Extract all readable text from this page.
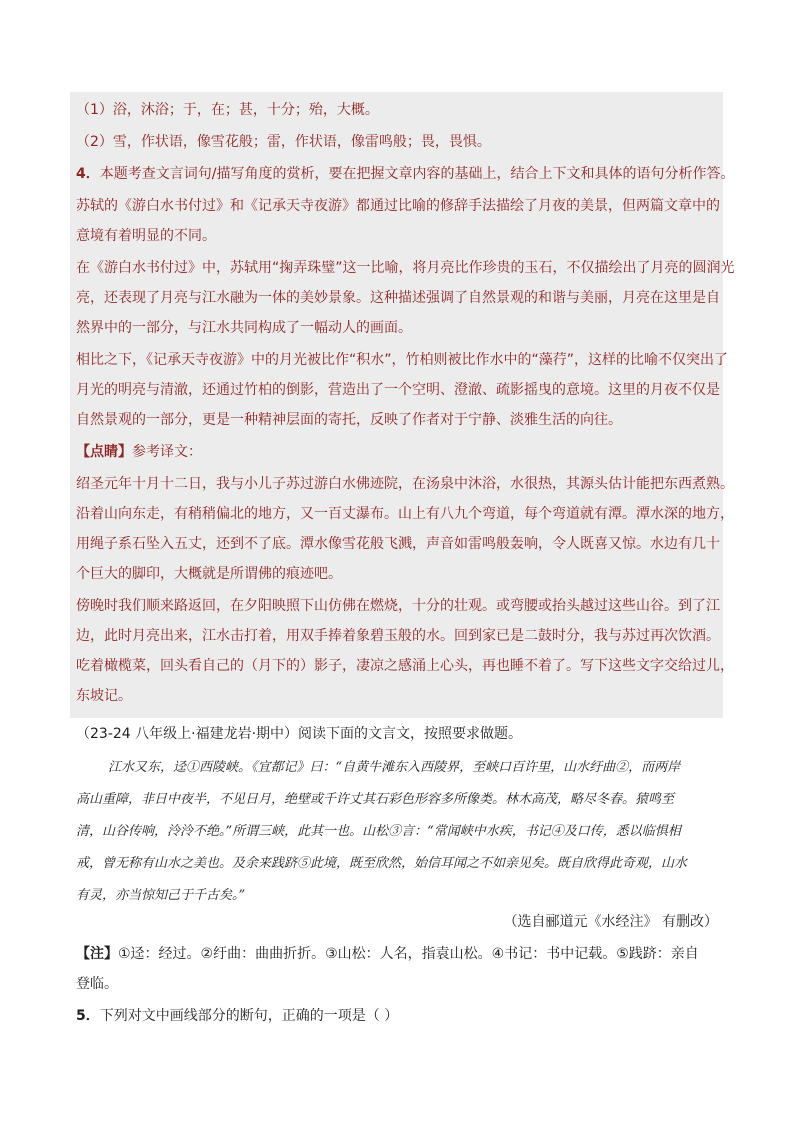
（1）浴，沐浴；于，在；甚，十分；殆，大概。
（2）雪，作状语，像雪花般；雷，作状语，像雷鸣般；畏，畏惧。
4．本题考查文言词句/描写角度的赏析，要在把握文章内容的基础上，结合上下文和具体的语句分析作答。
苏轼的《游白水书付过》和《记承天寺夜游》都通过比喻的修辞手法描绘了月夜的美景，但两篇文章中的
意境有着明显的不同。
在《游白水书付过》中，苏轼用“掬弄珠璧”这一比喻，将月亮比作珍贵的玉石，不仅描绘出了月亮的圆润光
亮，还表现了月亮与江水融为一体的美妙景象。这种描述强调了自然景观的和谐与美丽，月亮在这里是自
然界中的一部分，与江水共同构成了一幅动人的画面。
相比之下，《记承天寺夜游》中的月光被比作“积水”，竹柏则被比作水中的“藻荇”，这样的比喻不仅突出了
月光的明亮与清澈，还通过竹柏的倒影，营造出了一个空明、澄澈、疏影摇曳的意境。这里的月夜不仅是
自然景观的一部分，更是一种精神层面的寄托，反映了作者对于宁静、淡雅生活的向往。
【点睛】参考译文：
绍圣元年十月十二日，我与小儿子苏过游白水佛迹院，在汤泉中沐浴，水很热，其源头估计能把东西煮熟。
沿着山向东走，有稍稍偏北的地方，又一百丈瀑布。山上有八九个弯道，每个弯道就有潭。潭水深的地方，
用绳子系石坠入五丈，还到不了底。潭水像雪花般飞溅，声音如雷鸣般轰响，令人既喜又惊。水边有几十
个巨大的脚印，大概就是所谓佛的痕迹吧。
傍晚时我们顺来路返回，在夕阳映照下山仿佛在燃烧，十分的壮观。或弯腰或抬头越过这些山谷。到了江
边，此时月亮出来，江水击打着，用双手捧着象碧玉般的水。回到家已是二鼓时分，我与苏过再次饮酒。
吃着橄榄菜，回头看自己的（月下的）影子，凄凉之感涌上心头，再也睡不着了。写下这些文字交给过儿，
东坡记。
（23-24 八年级上·福建龙岩·期中）阅读下面的文言文，按照要求做题。
江水又东，迳①西陵峡。《宜都记》曰：“自黄牛滩东入西陵界，至峡口百许里，山水纡曲②，而两岸
高山重障，非日中夜半，不见日月，绝壁或千许丈其石彩色形容多所像类。林木高茂，略尽冬春。猿鸣至
清，山谷传响，泠泠不绝。”所谓三峡，此其一也。山松③言：“常闻峡中水疾，书记④及口传，悉以临惧相
戒，曾无称有山水之美也。及余来践跻⑤此境，既至欣然，始信耳闻之不如亲见矣。既自欣得此奇观，山水
有灵，亦当惊知己于千古矣。”
（选自郦道元《水经注》 有删改）
【注】①迳：经过。②纡曲：曲曲折折。③山松：人名，指袁山松。④书记：书中记载。⑤践跻：亲自
登临。
5．下列对文中画线部分的断句，正确的一项是（ ）
